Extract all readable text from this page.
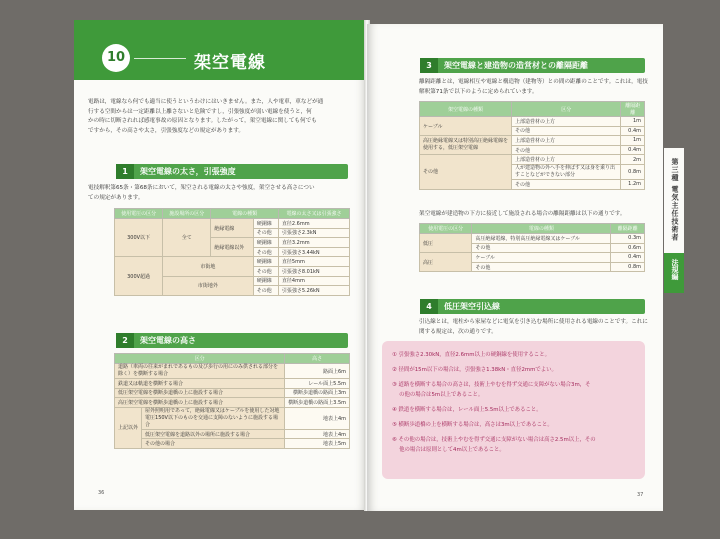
10	架空電線
電路は，電線なら何でも適当に使うというわけにはいきません。また，人や電車，車などが通
行する空間からは一定距離以上離さないと危険ですし，引張強度が弱い電線を使うと，何
かの時に切断されれば感電事故の原因となります。したがって，架空電線に関しても何でも
ですから，その高さや太さ，引張強度などの規定があります。
1 架空電線の太さ，引張強度
電技解釈第65条・第68条において，架空される電線の太さや強度，架空させる高さについ
ての規定があります。
使用電圧の区分	施設場所の区分	電線の種類		電線の太さ又は引張強さ
300V以下	全て	絶縁電線	硬銅線	直径2.6mm
			その他	引張強さ2.3kN
		絶縁電線以外	硬銅線	直径3.2mm
			その他	引張強さ3.44kN
300V超過	市街地		硬銅線	直径5mm
			その他	引張強さ8.01kN
	市街地外		硬銅線	直径4mm
			その他	引張強さ5.26kN
2 架空電線の高さ
区分		高さ
道路（車両の往来がまれであるもの及び歩行の用にのみ供される部分を除く）を横断する場合		路面上6m
鉄道又は軌道を横断する場合		レール面上5.5m
低圧架空電線を横断歩道橋の上に施設する場合		横断歩道橋の路面上3m
高圧架空電線を横断歩道橋の上に施設する場合		横断歩道橋の路面上3.5m
上記以外	屋外照明用であって，絶縁電線又はケーブルを使用した対地電圧150V以下のものを交通に支障のないように施設する場合	地表上4m
	低圧架空電線を道路以外の場所に施設する場合	地表上4m
	その他の場合	地表上5m
36
3 架空電線と建造物の造営材との離隔距離
離隔距離とは，電線相互や電線と構造物（建物等）との間の距離のことです。これは，電技
解釈第71条で以下のように定められています。
架空電線の種類	区分	離隔距離
ケーブル	上部造営材の上方	1m
	その他	0.4m
高圧絶縁電線又は特別高圧絶縁電線を使用する，低圧架空電線	上部造営材の上方	1m
	その他	0.4m
その他	上部造営材の上方	2m
	人が建造物の外へ手を伸ばす又は身を乗り出すことなどができない部分	0.8m
	その他	1.2m
架空電線が建造物の下方に接近して施設される場合の離隔距離は以下の通りです。
使用電圧の区分	電線の種類	離隔距離
低圧	高圧絶縁電線，特別高圧絶縁電線又はケーブル	0.3m
	その他	0.6m
高圧	ケーブル	0.4m
	その他	0.8m
4 低圧架空引込線
引込線とは，電柱から家屋などに電気を引き込む場所に使用される電線のことです。これに
関する規定は，次の通りです。
① 引張強さ2.30kN，直径2.6mm以上の硬銅線を使用すること。
② 径間が15m以下の場合は，引張強さ1.38kN・直径2mmでよい。
③ 道路を横断する場合の高さは，技術上やむを得ず交通に支障がない場合3m，そ
　 の他の場合は5m以上であること。
④ 鉄道を横断する場合は，レール面上5.5m以上であること。
⑤ 横断歩道橋の上を横断する場合は，高さは3m以上であること。
⑥ その他の場合は，技術上やむを得ず交通に支障がない場合は高さ2.5m以上，その
　 他の場合は原則として4m以上であること。
37
第三種 電気主任技術者
法規編
